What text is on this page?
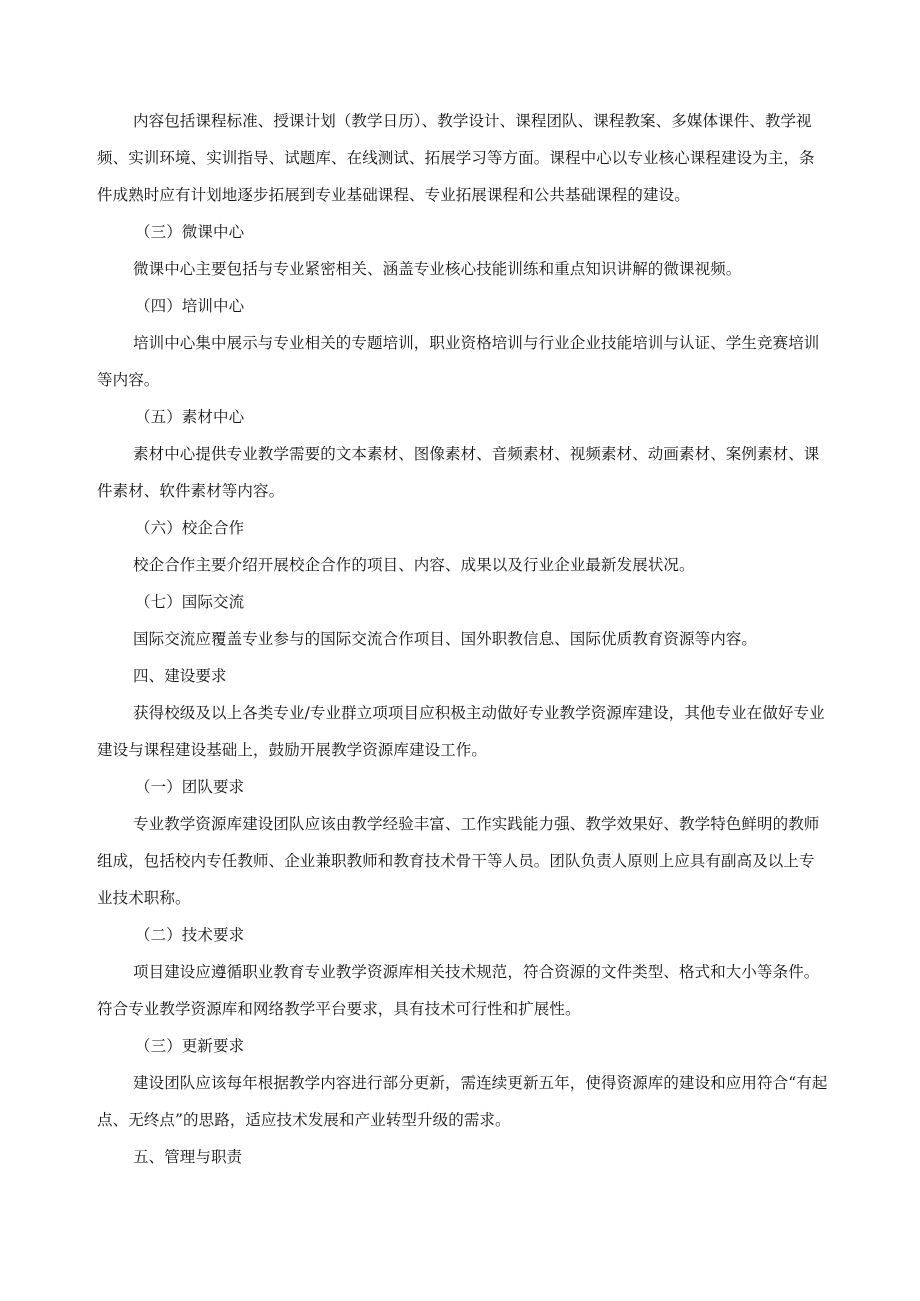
内容包括课程标准、授课计划（教学日历）、教学设计、课程团队、课程教案、多媒体课件、教学视频、实训环境、实训指导、试题库、在线测试、拓展学习等方面。课程中心以专业核心课程建设为主，条件成熟时应有计划地逐步拓展到专业基础课程、专业拓展课程和公共基础课程的建设。

（三）微课中心

微课中心主要包括与专业紧密相关、涵盖专业核心技能训练和重点知识讲解的微课视频。

（四）培训中心

培训中心集中展示与专业相关的专题培训，职业资格培训与行业企业技能培训与认证、学生竞赛培训等内容。

（五）素材中心

素材中心提供专业教学需要的文本素材、图像素材、音频素材、视频素材、动画素材、案例素材、课件素材、软件素材等内容。

（六）校企合作

校企合作主要介绍开展校企合作的项目、内容、成果以及行业企业最新发展状况。

（七）国际交流

国际交流应覆盖专业参与的国际交流合作项目、国外职教信息、国际优质教育资源等内容。

四、建设要求

获得校级及以上各类专业/专业群立项项目应积极主动做好专业教学资源库建设，其他专业在做好专业建设与课程建设基础上，鼓励开展教学资源库建设工作。

（一）团队要求

专业教学资源库建设团队应该由教学经验丰富、工作实践能力强、教学效果好、教学特色鲜明的教师组成，包括校内专任教师、企业兼职教师和教育技术骨干等人员。团队负责人原则上应具有副高及以上专业技术职称。

（二）技术要求

项目建设应遵循职业教育专业教学资源库相关技术规范，符合资源的文件类型、格式和大小等条件。符合专业教学资源库和网络教学平台要求，具有技术可行性和扩展性。

（三）更新要求

建设团队应该每年根据教学内容进行部分更新，需连续更新五年，使得资源库的建设和应用符合“有起点、无终点”的思路，适应技术发展和产业转型升级的需求。

五、管理与职责
